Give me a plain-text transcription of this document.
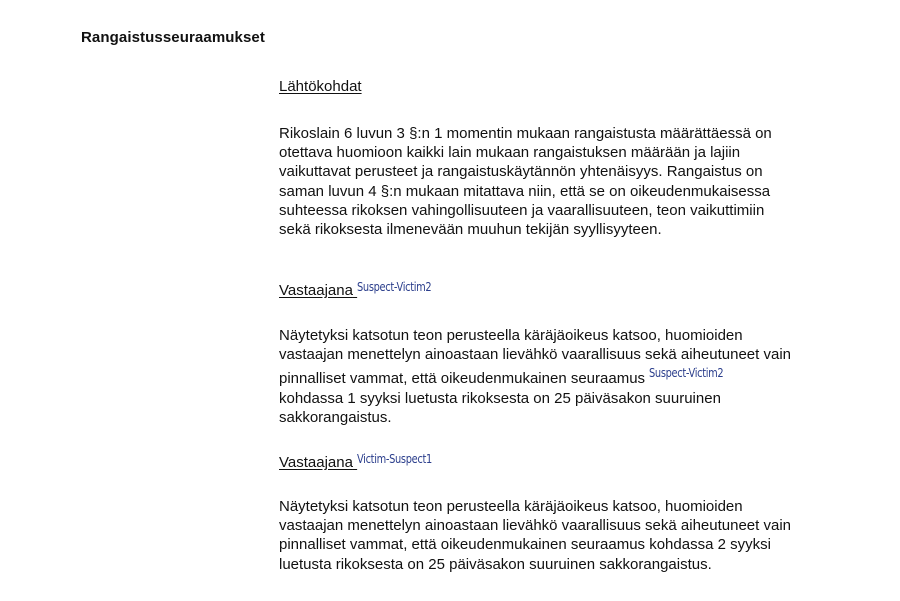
Rangaistusseuraamukset
Lähtökohdat
Rikoslain 6 luvun 3 §:n 1 momentin mukaan rangaistusta määrättäessä on
otettava huomioon kaikki lain mukaan rangaistuksen määrään ja lajiin
vaikuttavat perusteet ja rangaistuskäytännön yhtenäisyys. Rangaistus on
saman luvun 4 §:n mukaan mitattava niin, että se on oikeudenmukaisessa
suhteessa rikoksen vahingollisuuteen ja vaarallisuuteen, teon vaikuttimiin
sekä rikoksesta ilmenevään muuhun tekijän syyllisyyteen.
Vastaajana Suspect-Victim2
Näytetyksi katsotun teon perusteella käräjäoikeus katsoo, huomioiden
vastaajan menettelyn ainoastaan lievähkö vaarallisuus sekä aiheutuneet vain
pinnalliset vammat, että oikeudenmukainen seuraamus Suspect-Victim2
kohdassa 1 syyksi luetusta rikoksesta on 25 päiväsakon suuruinen
sakkorangaistus.
Vastaajana Victim-Suspect1
Näytetyksi katsotun teon perusteella käräjäoikeus katsoo, huomioiden
vastaajan menettelyn ainoastaan lievähkö vaarallisuus sekä aiheutuneet vain
pinnalliset vammat, että oikeudenmukainen seuraamus kohdassa 2 syyksi
luetusta rikoksesta on 25 päiväsakon suuruinen sakkorangaistus.
